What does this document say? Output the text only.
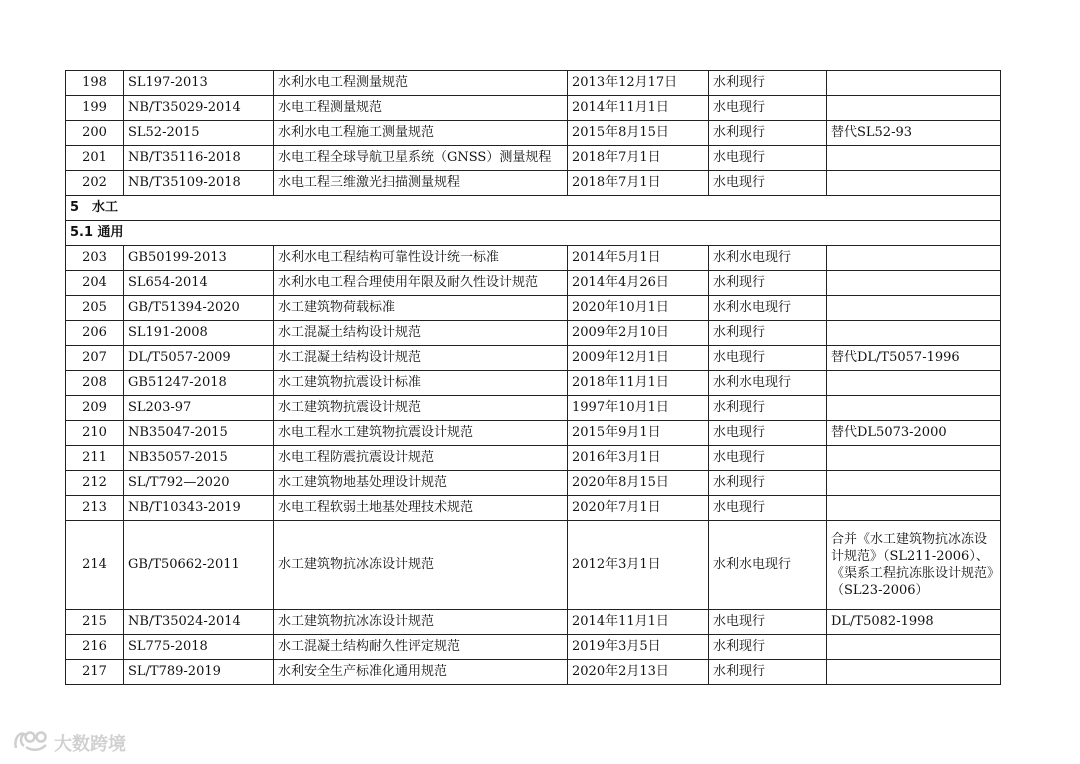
198	SL197-2013	水利水电工程测量规范	2013年12月17日	水利现行	
199	NB/T35029-2014	水电工程测量规范	2014年11月1日	水电现行	
200	SL52-2015	水利水电工程施工测量规范	2015年8月15日	水利现行	替代SL52-93
201	NB/T35116-2018	水电工程全球导航卫星系统（GNSS）测量规程	2018年7月1日	水电现行	
202	NB/T35109-2018	水电工程三维激光扫描测量规程	2018年7月1日	水电现行	
5　水工					
5.1 通用					
203	GB50199-2013	水利水电工程结构可靠性设计统一标准	2014年5月1日	水利水电现行	
204	SL654-2014	水利水电工程合理使用年限及耐久性设计规范	2014年4月26日	水利现行	
205	GB/T51394-2020	水工建筑物荷载标准	2020年10月1日	水利水电现行	
206	SL191-2008	水工混凝土结构设计规范	2009年2月10日	水利现行	
207	DL/T5057-2009	水工混凝土结构设计规范	2009年12月1日	水电现行	替代DL/T5057-1996
208	GB51247-2018	水工建筑物抗震设计标准	2018年11月1日	水利水电现行	
209	SL203-97	水工建筑物抗震设计规范	1997年10月1日	水利现行	
210	NB35047-2015	水电工程水工建筑物抗震设计规范	2015年9月1日	水电现行	替代DL5073-2000
211	NB35057-2015	水电工程防震抗震设计规范	2016年3月1日	水电现行	
212	SL/T792—2020	水工建筑物地基处理设计规范	2020年8月15日	水利现行	
213	NB/T10343-2019	水电工程软弱土地基处理技术规范	2020年7月1日	水电现行	
214	GB/T50662-2011	水工建筑物抗冰冻设计规范	2012年3月1日	水利水电现行	合并《水工建筑物抗冰冻设计规范》（SL211-2006）、《渠系工程抗冻胀设计规范》（SL23-2006）
215	NB/T35024-2014	水工建筑物抗冰冻设计规范	2014年11月1日	水电现行	DL/T5082-1998
216	SL775-2018	水工混凝土结构耐久性评定规范	2019年3月5日	水利现行	
217	SL/T789-2019	水利安全生产标准化通用规范	2020年2月13日	水利现行	
大数跨境
